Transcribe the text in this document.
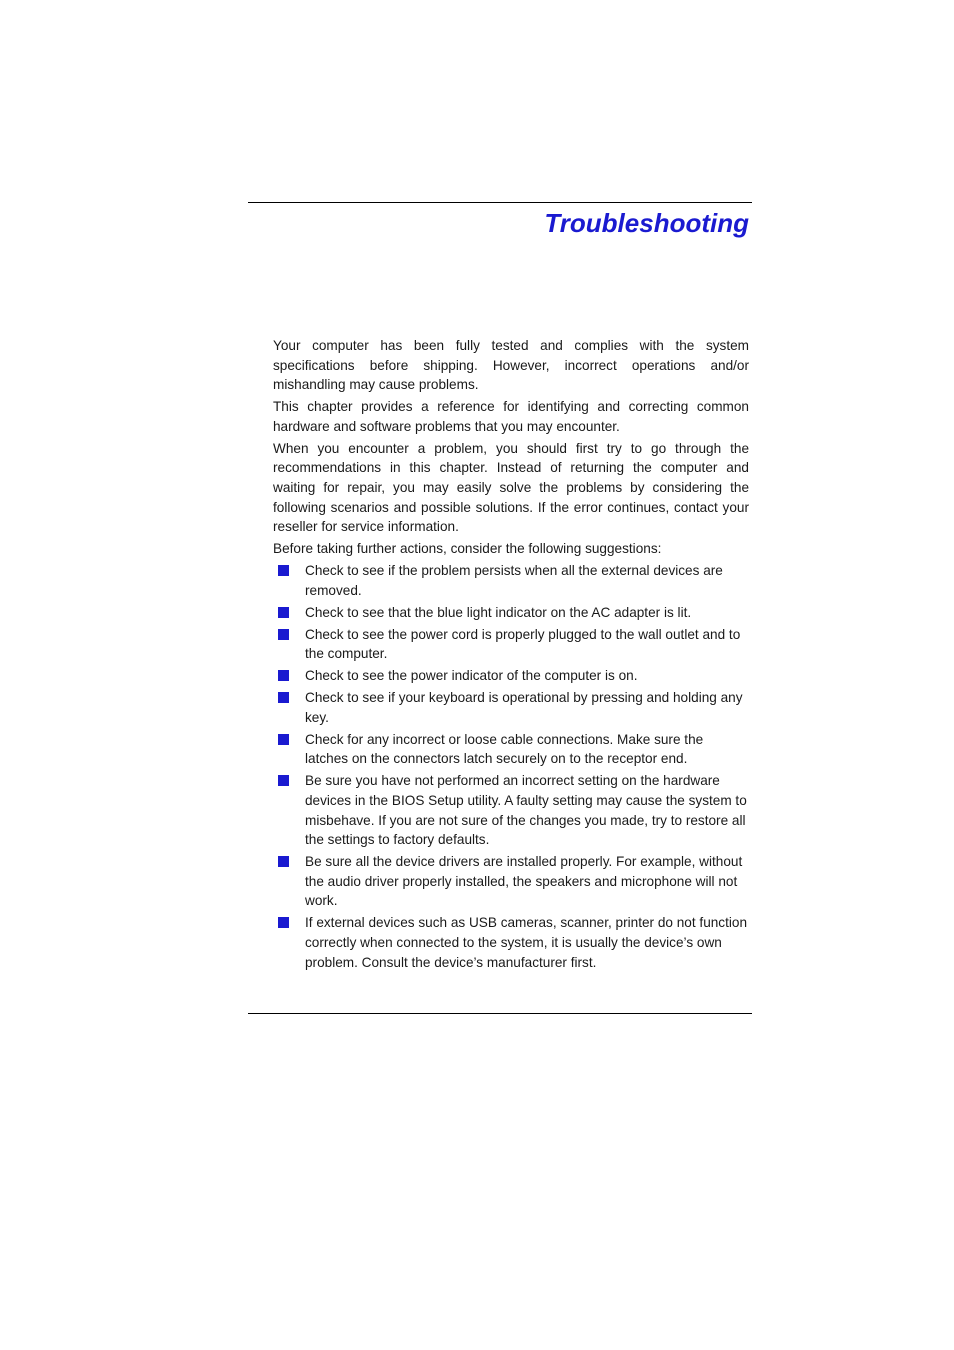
Troubleshooting

Your computer has been fully tested and complies with the system specifications before shipping. However, incorrect operations and/or mishandling may cause problems.

This chapter provides a reference for identifying and correcting common hardware and software problems that you may encounter.

When you encounter a problem, you should first try to go through the recommendations in this chapter. Instead of returning the computer and waiting for repair, you may easily solve the problems by considering the following scenarios and possible solutions. If the error continues, contact your reseller for service information.

Before taking further actions, consider the following suggestions:

Check to see if the problem persists when all the external devices are removed.
Check to see that the blue light indicator on the AC adapter is lit.
Check to see the power cord is properly plugged to the wall outlet and to the computer.
Check to see the power indicator of the computer is on.
Check to see if your keyboard is operational by pressing and holding any key.
Check for any incorrect or loose cable connections. Make sure the latches on the connectors latch securely on to the receptor end.
Be sure you have not performed an incorrect setting on the hardware devices in the BIOS Setup utility. A faulty setting may cause the system to misbehave. If you are not sure of the changes you made, try to restore all the settings to factory defaults.
Be sure all the device drivers are installed properly. For example, without the audio driver properly installed, the speakers and microphone will not work.
If external devices such as USB cameras, scanner, printer do not function correctly when connected to the system, it is usually the device’s own problem. Consult the device’s manufacturer first.
